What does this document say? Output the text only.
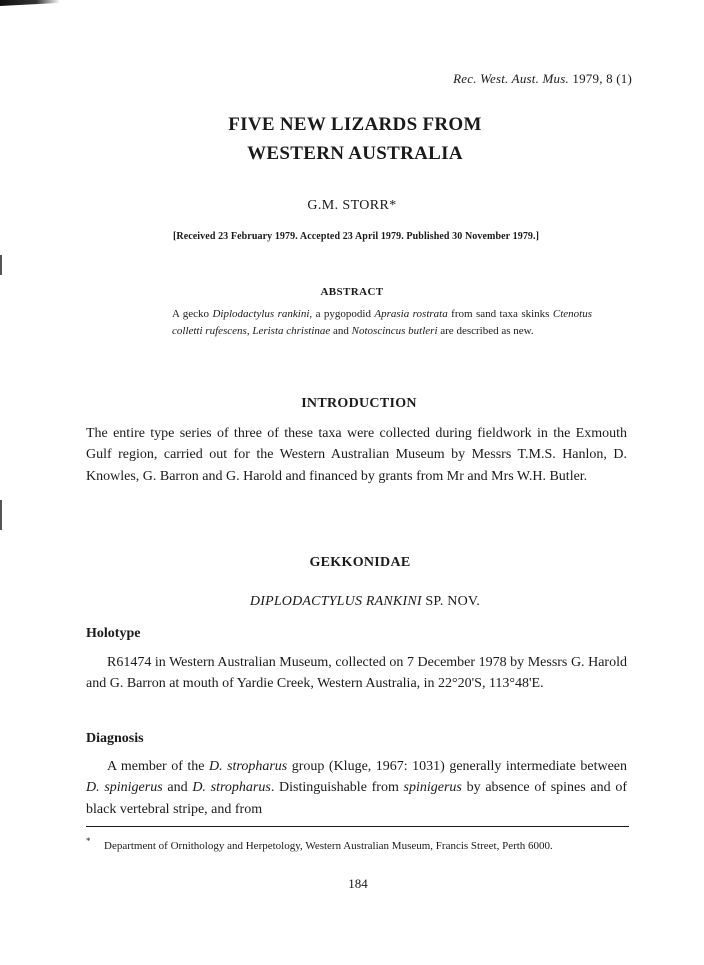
Rec. West. Aust. Mus. 1979, 8 (1)
FIVE NEW LIZARDS FROM
WESTERN AUSTRALIA
G.M. STORR*
[Received 23 February 1979. Accepted 23 April 1979. Published 30 November 1979.]
ABSTRACT
A gecko Diplodactylus rankini, a pygopodid Aprasia rostrata from sand taxa skinks Ctenotus colletti rufescens, Lerista christinae and Notoscincus butleri are described as new.
INTRODUCTION
The entire type series of three of these taxa were collected during fieldwork in the Exmouth Gulf region, carried out for the Western Australian Museum by Messrs T.M.S. Hanlon, D. Knowles, G. Barron and G. Harold and financed by grants from Mr and Mrs W.H. Butler.
GEKKONIDAE
DIPLODACTYLUS RANKINI SP. NOV.
Holotype
R61474 in Western Australian Museum, collected on 7 December 1978 by Messrs G. Harold and G. Barron at mouth of Yardie Creek, Western Australia, in 22°20'S, 113°48'E.
Diagnosis
A member of the D. stropharus group (Kluge, 1967: 1031) generally intermediate between D. spinigerus and D. stropharus. Distinguishable from spinigerus by absence of spines and of black vertebral stripe, and from
* Department of Ornithology and Herpetology, Western Australian Museum, Francis Street, Perth 6000.
184
